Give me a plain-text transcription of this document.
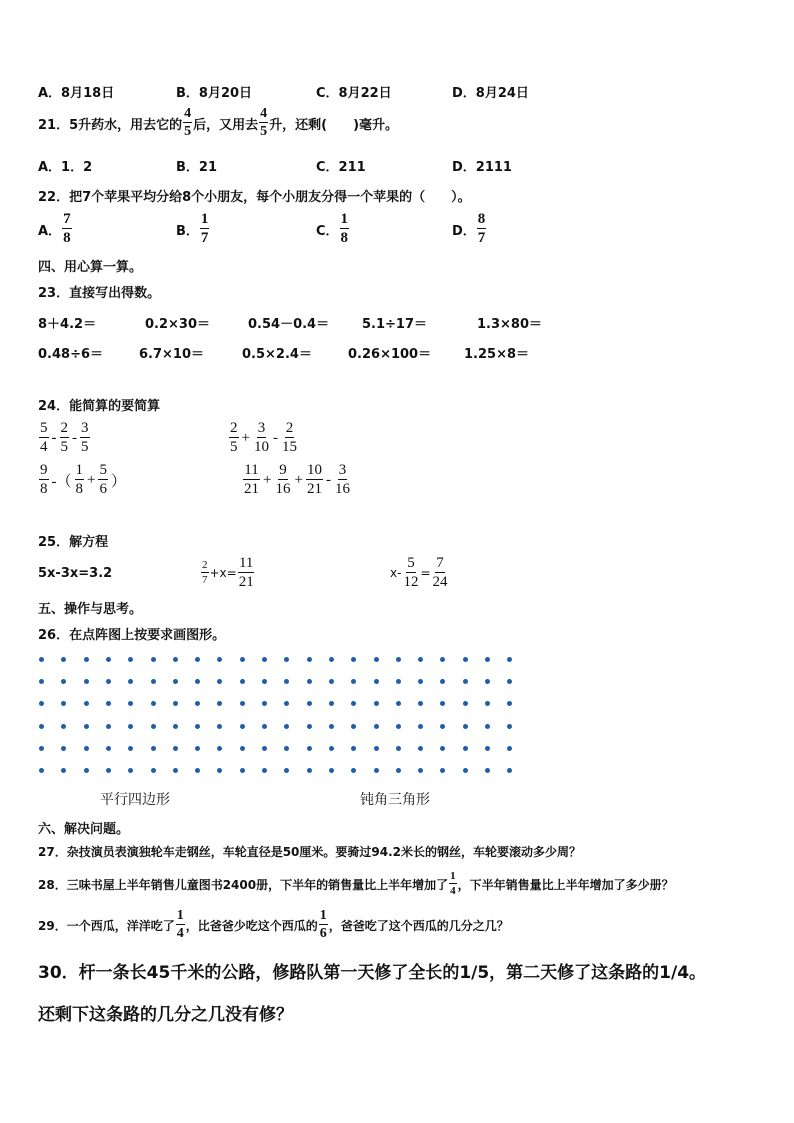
A．8月18日	B．8月20日	C．8月22日	D．8月24日
21．5升药水，用去它的 $\frac{4}{5}$ 后，又用去 $\frac{4}{5}$ 升，还剩(　　)毫升。
A．1．2	B．21	C．211	D．2111
22．把7个苹果平均分给8个小朋友，每个小朋友分得一个苹果的（　　）。
A． $\frac{7}{8}$	B． $\frac{1}{7}$	C． $\frac{1}{8}$	D． $\frac{8}{7}$
四、用心算一算。
23．直接写出得数。
8＋4.2＝	0.2×30＝	0.54－0.4＝	5.1÷17＝	1.3×80＝
0.48÷6＝	6.7×10＝	0.5×2.4＝	0.26×100＝	1.25×8＝
24．能简算的要简算
$\frac{5}{4} - \frac{2}{5} - \frac{3}{5}$	$\frac{2}{5} + \frac{3}{10} - \frac{2}{15}$
$\frac{9}{8}$ -（ $\frac{1}{8} + \frac{5}{6}$ ）	$\frac{11}{21} + \frac{9}{16} + \frac{10}{21} - \frac{3}{16}$
25．解方程
5x-3x=3.2	$\frac{2}{7} +x= \frac{11}{21}$	$x- \frac{5}{12} = \frac{7}{24}$
五、操作与思考。
26．在点阵图上按要求画图形。
平行四边形	钝角三角形
六、解决问题。
27．杂技演员表演独轮车走钢丝，车轮直径是50厘米。要骑过94.2米长的钢丝，车轮要滚动多少周？
28．三味书屋上半年销售儿童图书2400册，下半年的销售量比上半年增加了 $\frac{1}{4}$ ，下半年销售量比上半年增加了多少册？
29．一个西瓜，洋洋吃了 $\frac{1}{4}$ ，比爸爸少吃这个西瓜的 $\frac{1}{6}$ ，爸爸吃了这个西瓜的几分之几？
30．杆一条长45千米的公路，修路队第一天修了全长的1/5，第二天修了这条路的1/4。
还剩下这条路的几分之几没有修？
